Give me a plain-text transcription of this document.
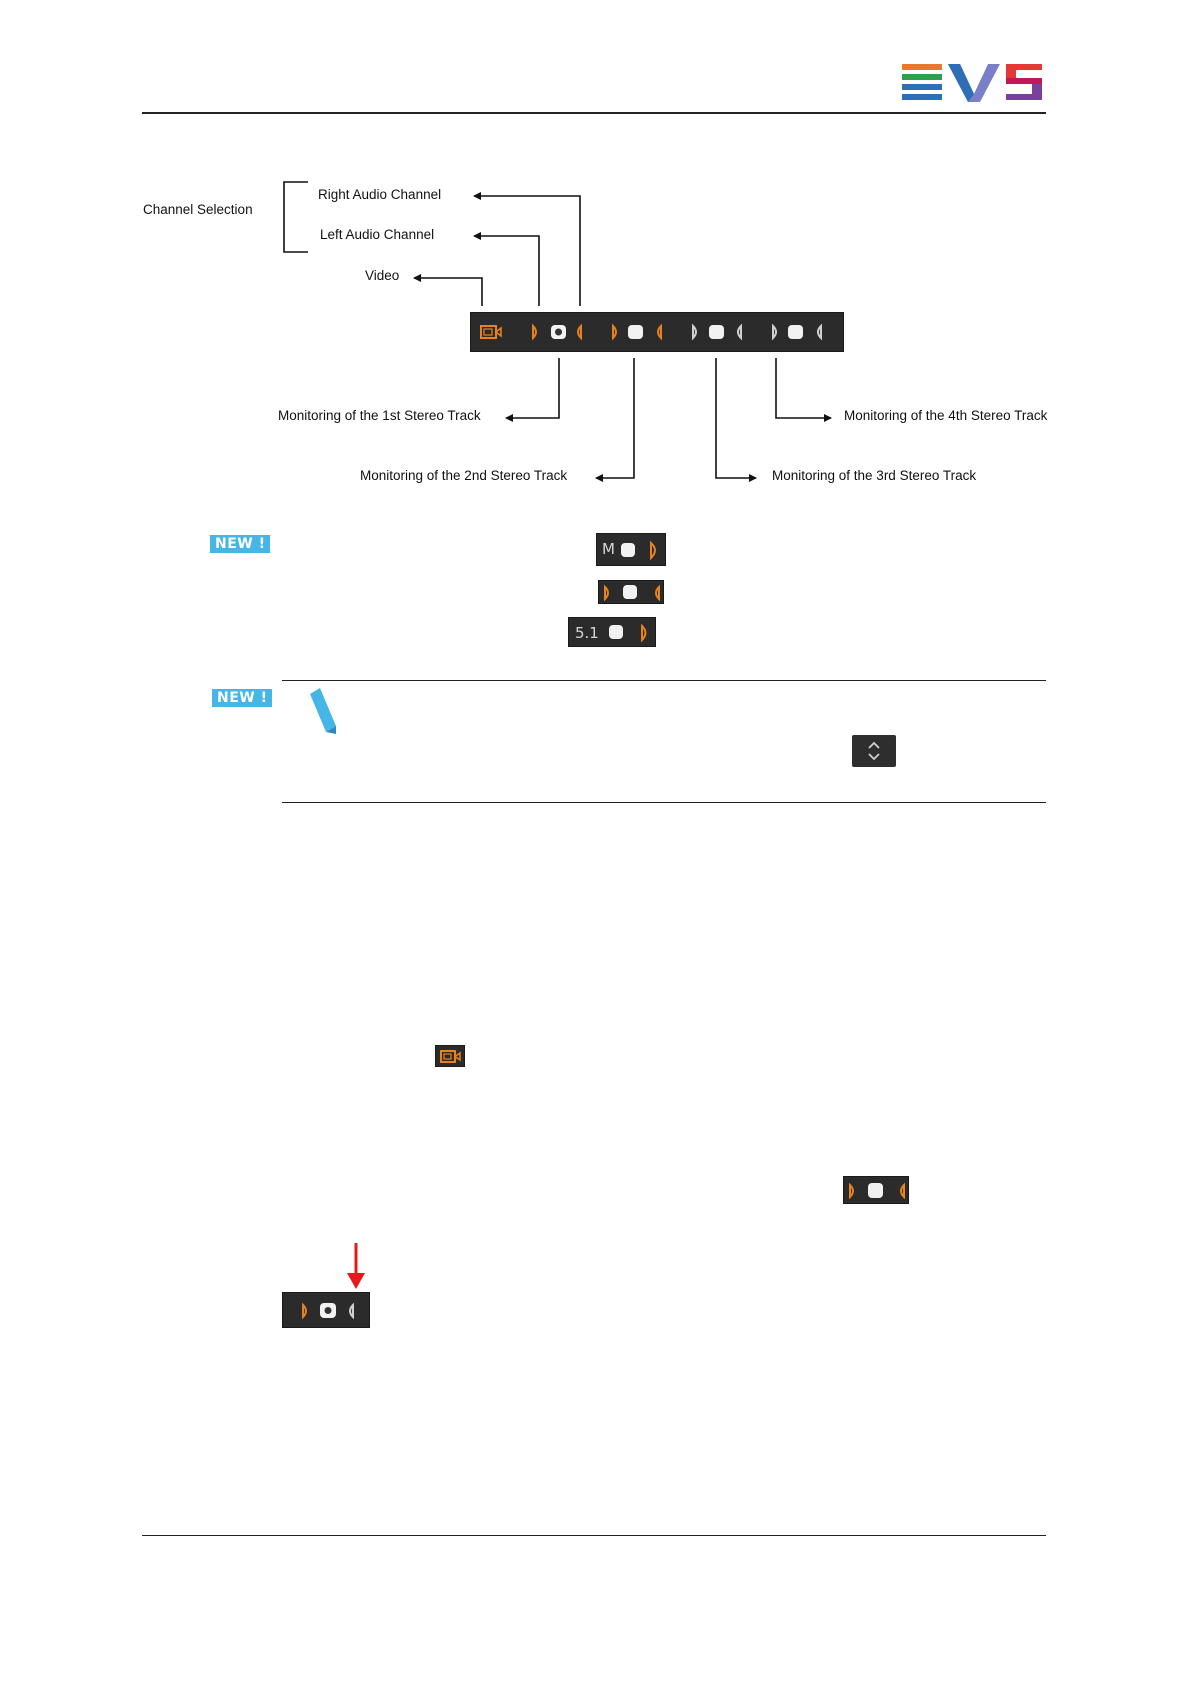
Channel Selection
Right Audio Channel
Left Audio Channel
Video
Monitoring of the 1st Stereo Track
Monitoring of the 2nd Stereo Track	Monitoring of the 3rd Stereo Track
Monitoring of the 4th Stereo Track
NEW !	M
5.1
NEW !
